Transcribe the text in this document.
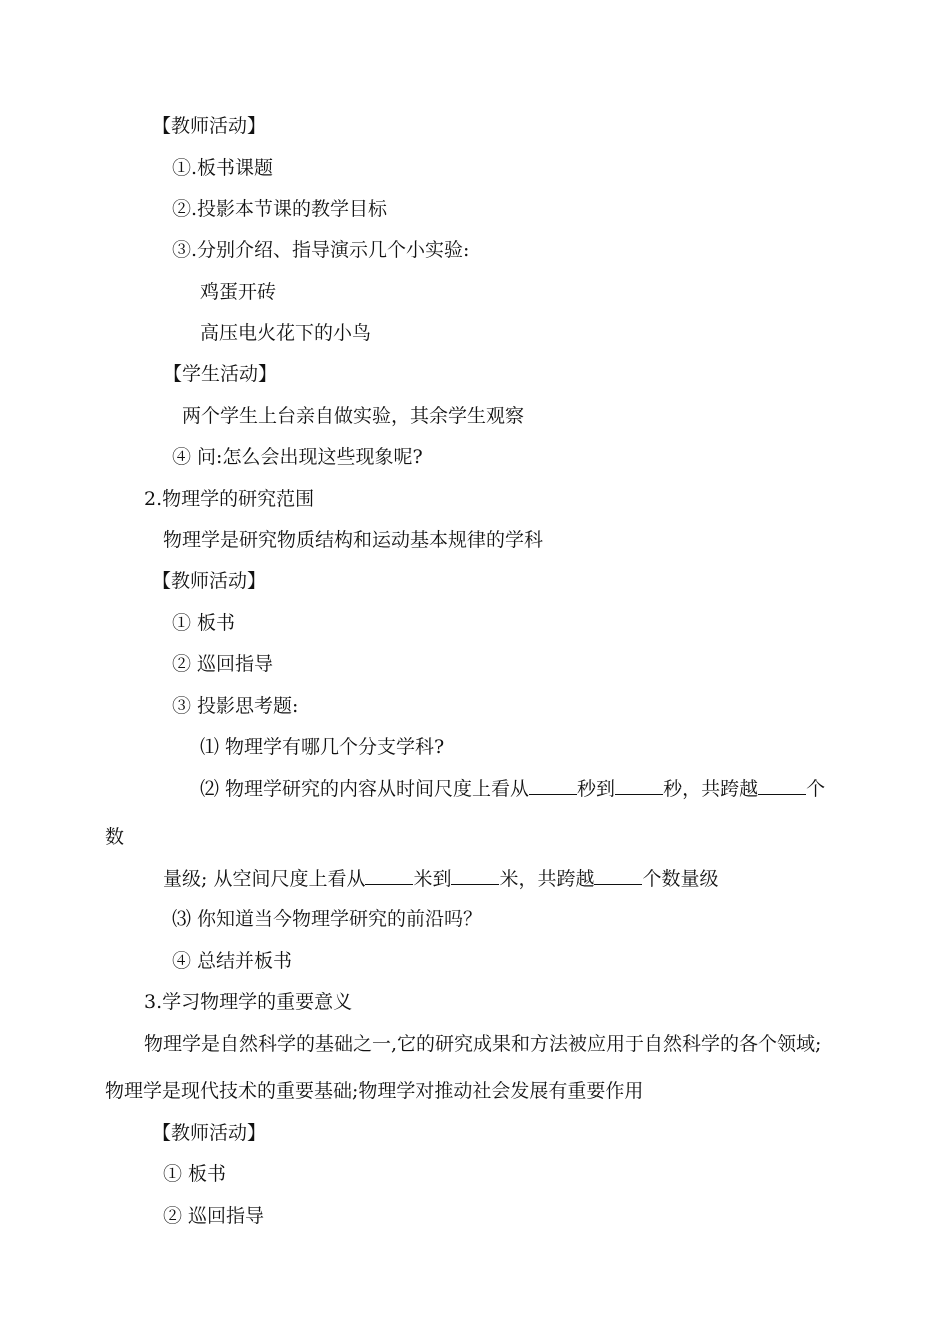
【教师活动】
①.板书课题
②.投影本节课的教学目标
③.分别介绍、指导演示几个小实验:
鸡蛋开砖
高压电火花下的小鸟
【学生活动】
两个学生上台亲自做实验，其余学生观察
④ 问:怎么会出现这些现象呢?
2.物理学的研究范围
物理学是研究物质结构和运动基本规律的学科
【教师活动】
① 板书
② 巡回指导
③ 投影思考题:
⑴ 物理学有哪几个分支学科?
⑵ 物理学研究的内容从时间尺度上看从	秒到	秒，共跨越	个
数
量级; 从空间尺度上看从	米到	米，共跨越	个数量级
⑶ 你知道当今物理学研究的前沿吗？
④ 总结并板书
3.学习物理学的重要意义
物理学是自然科学的基础之一,它的研究成果和方法被应用于自然科学的各个领域;
物理学是现代技术的重要基础;物理学对推动社会发展有重要作用
【教师活动】
① 板书
② 巡回指导
